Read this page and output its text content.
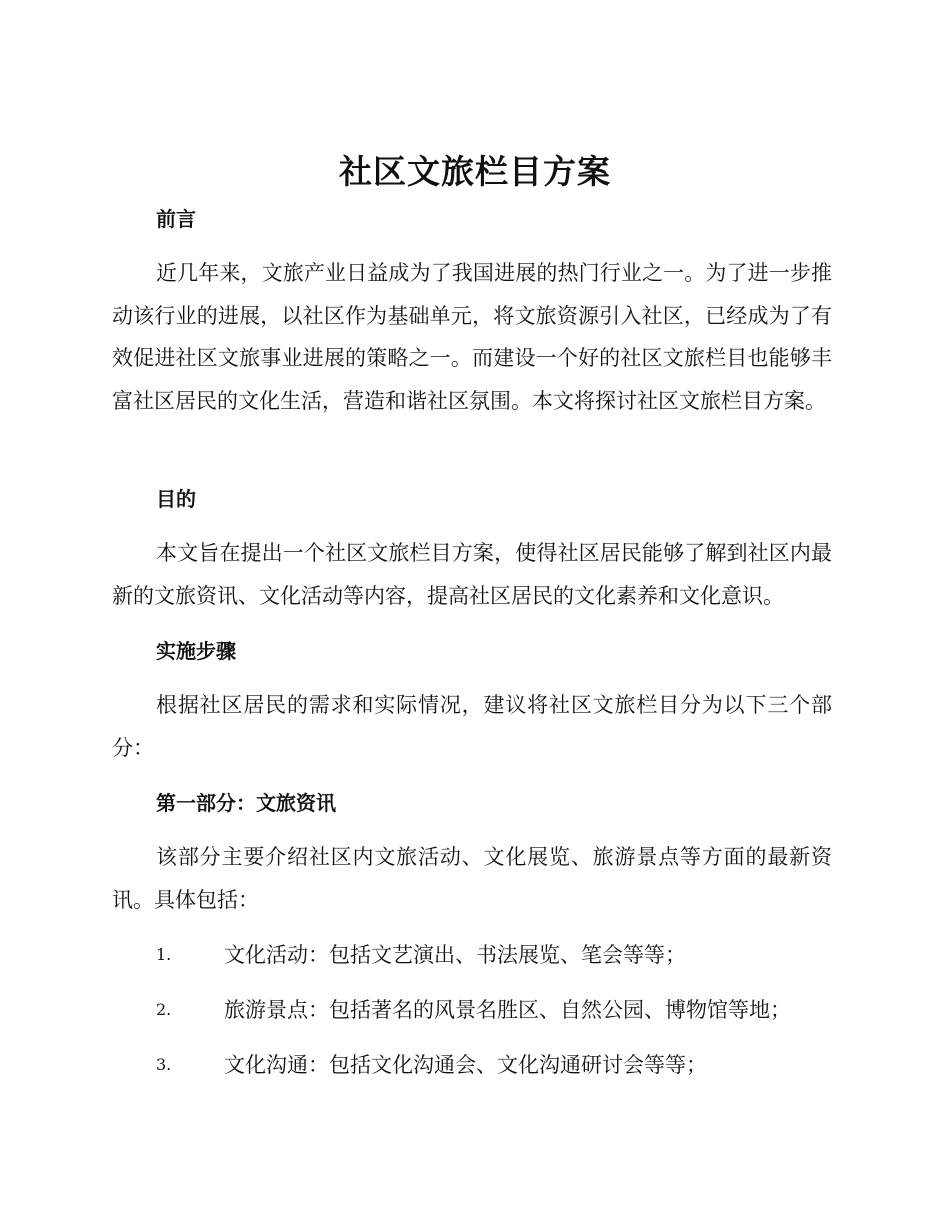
社区文旅栏目方案
前言

近几年来，文旅产业日益成为了我国进展的热门行业之一。为了进一步推动该行业的进展，以社区作为基础单元，将文旅资源引入社区，已经成为了有效促进社区文旅事业进展的策略之一。而建设一个好的社区文旅栏目也能够丰富社区居民的文化生活，营造和谐社区氛围。本文将探讨社区文旅栏目方案。

目的

本文旨在提出一个社区文旅栏目方案，使得社区居民能够了解到社区内最新的文旅资讯、文化活动等内容，提高社区居民的文化素养和文化意识。

实施步骤

根据社区居民的需求和实际情况，建议将社区文旅栏目分为以下三个部分：

第一部分：文旅资讯

该部分主要介绍社区内文旅活动、文化展览、旅游景点等方面的最新资讯。具体包括：

1.	文化活动：包括文艺演出、书法展览、笔会等等；
2.	旅游景点：包括著名的风景名胜区、自然公园、博物馆等地；
3.	文化沟通：包括文化沟通会、文化沟通研讨会等等；
